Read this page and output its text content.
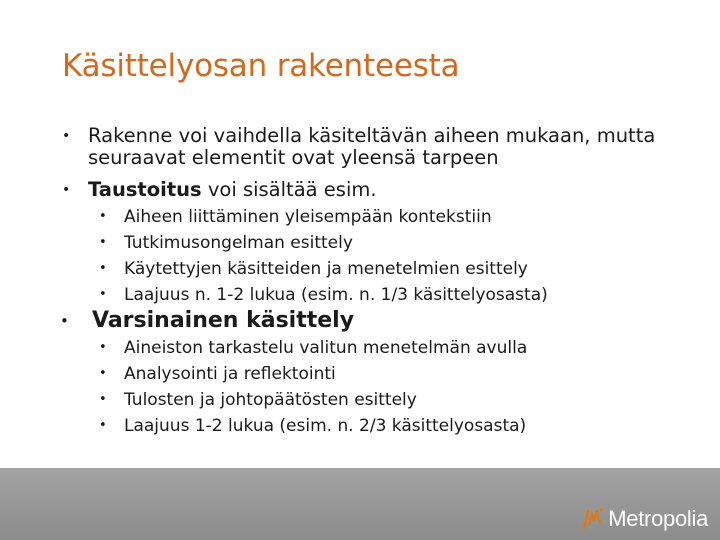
Käsittelyosan rakenteesta
• Rakenne voi vaihdella käsiteltävän aiheen mukaan, mutta seuraavat elementit ovat yleensä tarpeen
• Taustoitus voi sisältää esim.
• Aiheen liittäminen yleisempään kontekstiin
• Tutkimusongelman esittely
• Käytettyjen käsitteiden ja menetelmien esittely
• Laajuus n. 1-2 lukua (esim. n. 1/3 käsittelyosasta)
• Varsinainen käsittely
• Aineiston tarkastelu valitun menetelmän avulla
• Analysointi ja reflektointi
• Tulosten ja johtopäätösten esittely
• Laajuus 1-2 lukua (esim. n. 2/3 käsittelyosasta)
Metropolia
